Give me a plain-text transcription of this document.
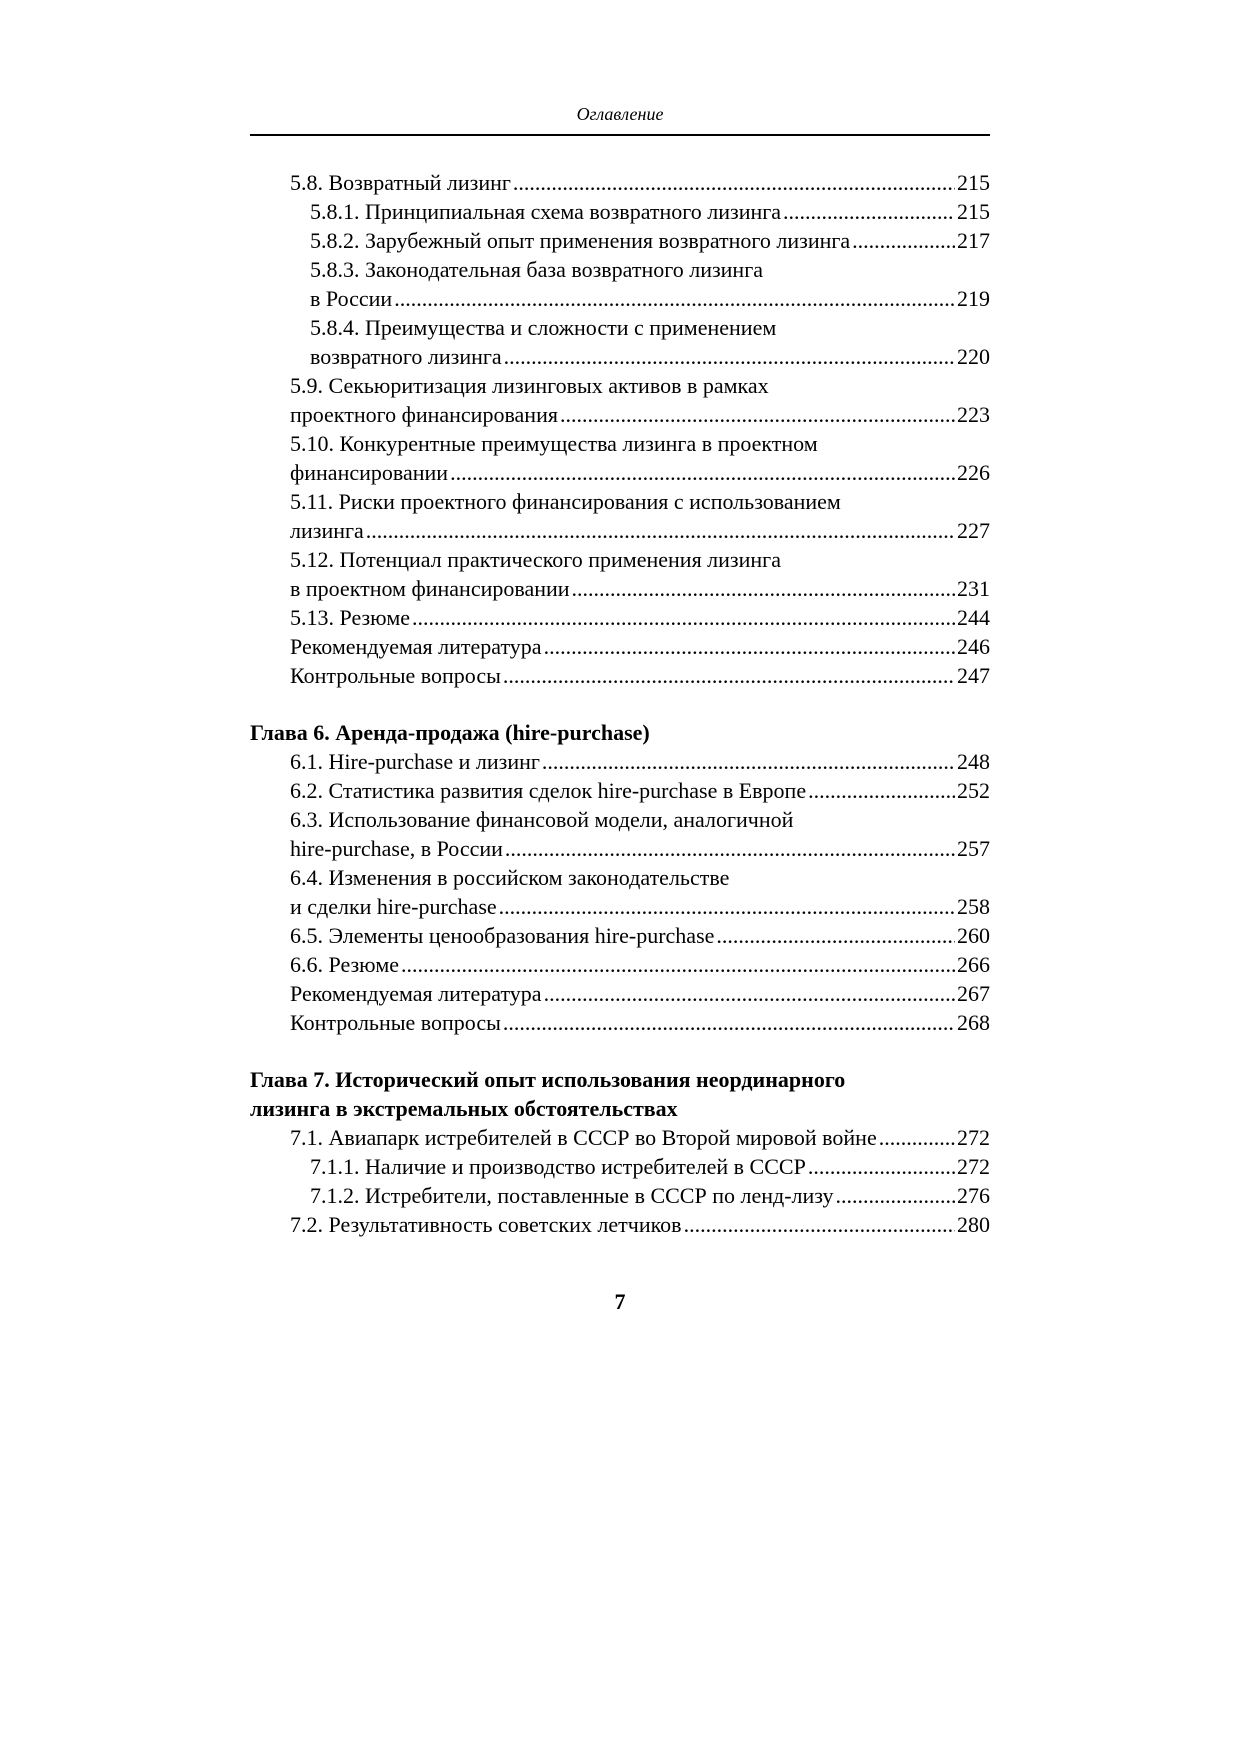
Оглавление
5.8. Возвратный лизинг .....	215
5.8.1. Принципиальная схема возвратного лизинга .....	215
5.8.2. Зарубежный опыт применения возвратного лизинга .....	217
5.8.3. Законодательная база возвратного лизинга
в России .....	219
5.8.4. Преимущества и сложности с применением
возвратного лизинга .....	220
5.9. Секьюритизация лизинговых активов в рамках
проектного финансирования .....	223
5.10. Конкурентные преимущества лизинга в проектном
финансировании .....	226
5.11. Риски проектного финансирования с использованием
лизинга .....	227
5.12. Потенциал практического применения лизинга
в проектном финансировании .....	231
5.13. Резюме .....	244
Рекомендуемая литература .....	246
Контрольные вопросы .....	247
Глава 6. Аренда-продажа (hire-purchase)
6.1. Hire-purchase и лизинг .....	248
6.2. Статистика развития сделок hire-purchase в Европе .....	252
6.3. Использование финансовой модели, аналогичной
hire-purchase, в России .....	257
6.4. Изменения в российском законодательстве
и сделки hire-purchase .....	258
6.5. Элементы ценообразования hire-purchase .....	260
6.6. Резюме .....	266
Рекомендуемая литература .....	267
Контрольные вопросы .....	268
Глава 7. Исторический опыт использования неординарного
лизинга в экстремальных обстоятельствах
7.1. Авиапарк истребителей в СССР во Второй мировой войне .....	272
7.1.1. Наличие и производство истребителей в СССР .....	272
7.1.2. Истребители, поставленные в СССР по ленд-лизу .....	276
7.2. Результативность советских летчиков .....	280
7
